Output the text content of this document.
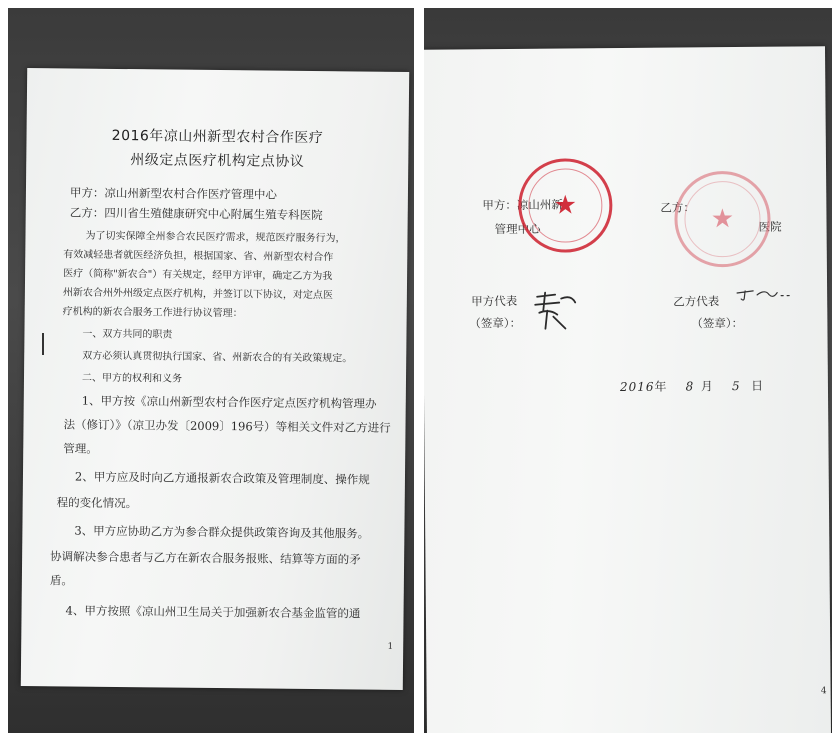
2016年凉山州新型农村合作医疗
州级定点医疗机构定点协议
甲方：凉山州新型农村合作医疗管理中心
乙方：四川省生殖健康研究中心附属生殖专科医院
为了切实保障全州参合农民医疗需求，规范医疗服务行为，
有效减轻患者就医经济负担，根据国家、省、州新型农村合作
医疗（简称"新农合"）有关规定，经甲方评审，确定乙方为我
州新农合州外州级定点医疗机构，并签订以下协议，对定点医
疗机构的新农合服务工作进行协议管理：
一、双方共同的职责
双方必须认真贯彻执行国家、省、州新农合的有关政策规定。
二、甲方的权利和义务
1、甲方按《凉山州新型农村合作医疗定点医疗机构管理办
法（修订）》（凉卫办发〔2009〕196号）等相关文件对乙方进行
管理。
2、甲方应及时向乙方通报新农合政策及管理制度、操作规
程的变化情况。
3、甲方应协助乙方为参合群众提供政策咨询及其他服务。
协调解决参合患者与乙方在新农合服务报账、结算等方面的矛
盾。
4、甲方按照《凉山州卫生局关于加强新农合基金监管的通
1
甲方：凉山州新
管理中心
★	乙方：
医院
★
甲方代表
（签章）：
乙方代表
（签章）：
2016年 8 月 5 日
4
